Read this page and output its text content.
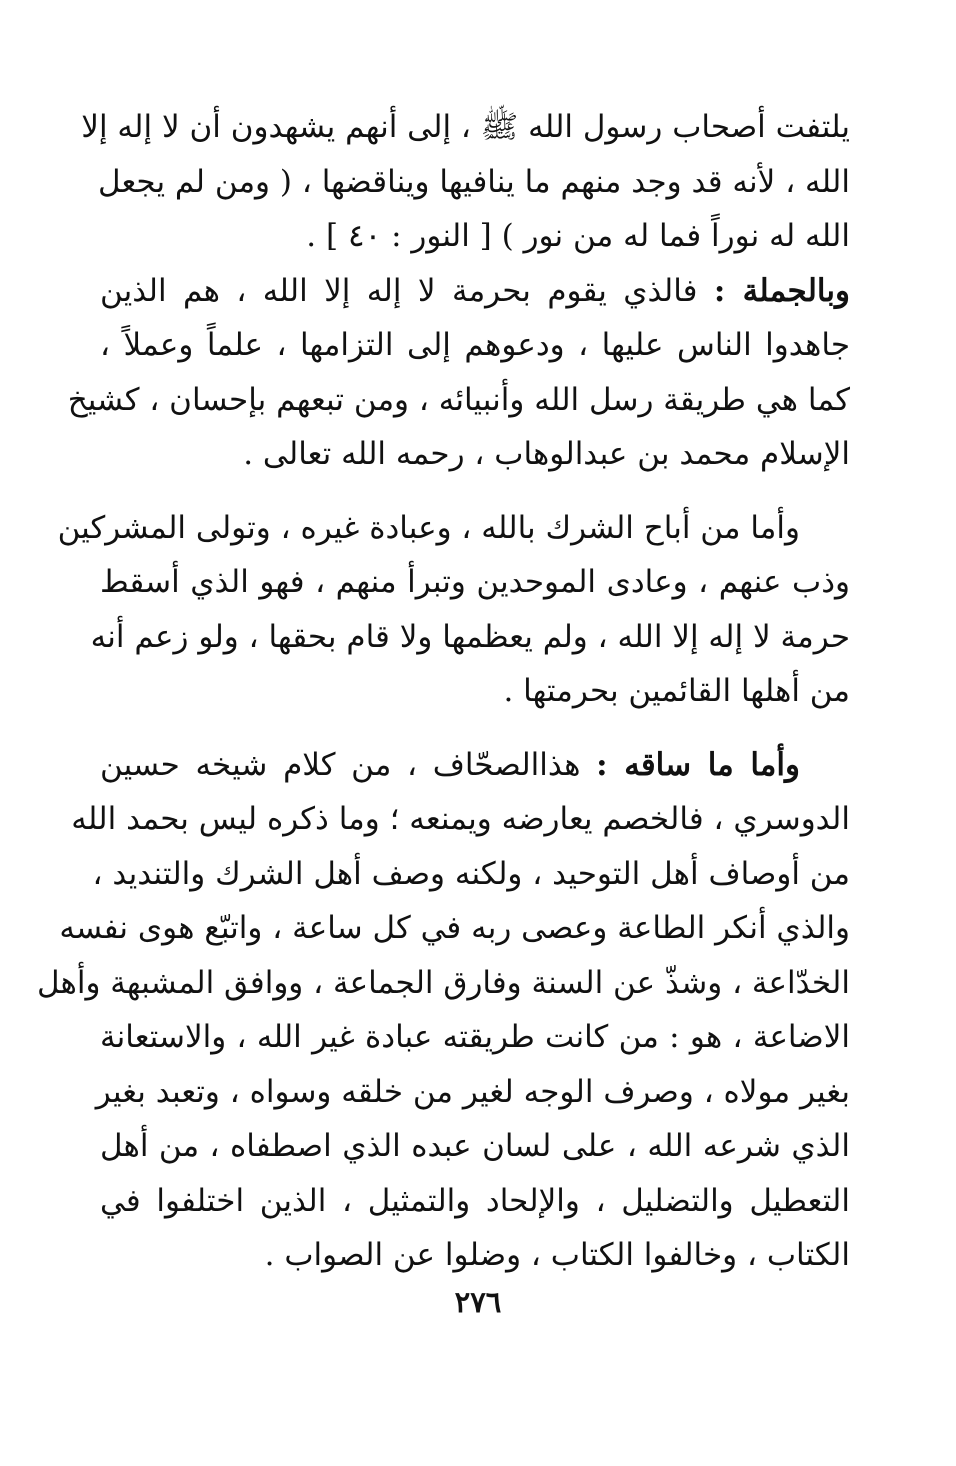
يلتفت أصحاب رسول الله ﷺ ، إلى أنهم يشهدون أن لا إله إلا
الله ، لأنه قد وجد منهم ما ينافيها ويناقضها ، ( ومن لم يجعل
الله له نوراً فما له من نور ) [ النور : ٤٠ ] .
وبالجملة : فالذي يقوم بحرمة لا إله إلا الله ، هم الذين
جاهدوا الناس عليها ، ودعوهم إلى التزامها ، علماً وعملاً ،
كما هي طريقة رسل الله وأنبيائه ، ومن تبعهم بإحسان ، كشيخ
الإسلام محمد بن عبدالوهاب ، رحمه الله تعالى .
وأما من أباح الشرك بالله ، وعبادة غيره ، وتولى المشركين
وذب عنهم ، وعادى الموحدين وتبرأ منهم ، فهو الذي أسقط
حرمة لا إله إلا الله ، ولم يعظمها ولا قام بحقها ، ولو زعم أنه
من أهلها القائمين بحرمتها .
وأما ما ساقه : هذاالصحّاف ، من كلام شيخه حسين
الدوسري ، فالخصم يعارضه ويمنعه ؛ وما ذكره ليس بحمد الله
من أوصاف أهل التوحيد ، ولكنه وصف أهل الشرك والتنديد ،
والذي أنكر الطاعة وعصى ربه في كل ساعة ، واتبّع هوى نفسه
الخدّاعة ، وشذّ عن السنة وفارق الجماعة ، ووافق المشبهة وأهل
الاضاعة ، هو : من كانت طريقته عبادة غير الله ، والاستعانة
بغير مولاه ، وصرف الوجه لغير من خلقه وسواه ، وتعبد بغير
الذي شرعه الله ، على لسان عبده الذي اصطفاه ، من أهل
التعطيل والتضليل ، والإلحاد والتمثيل ، الذين اختلفوا في
الكتاب ، وخالفوا الكتاب ، وضلوا عن الصواب .
٢٧٦
